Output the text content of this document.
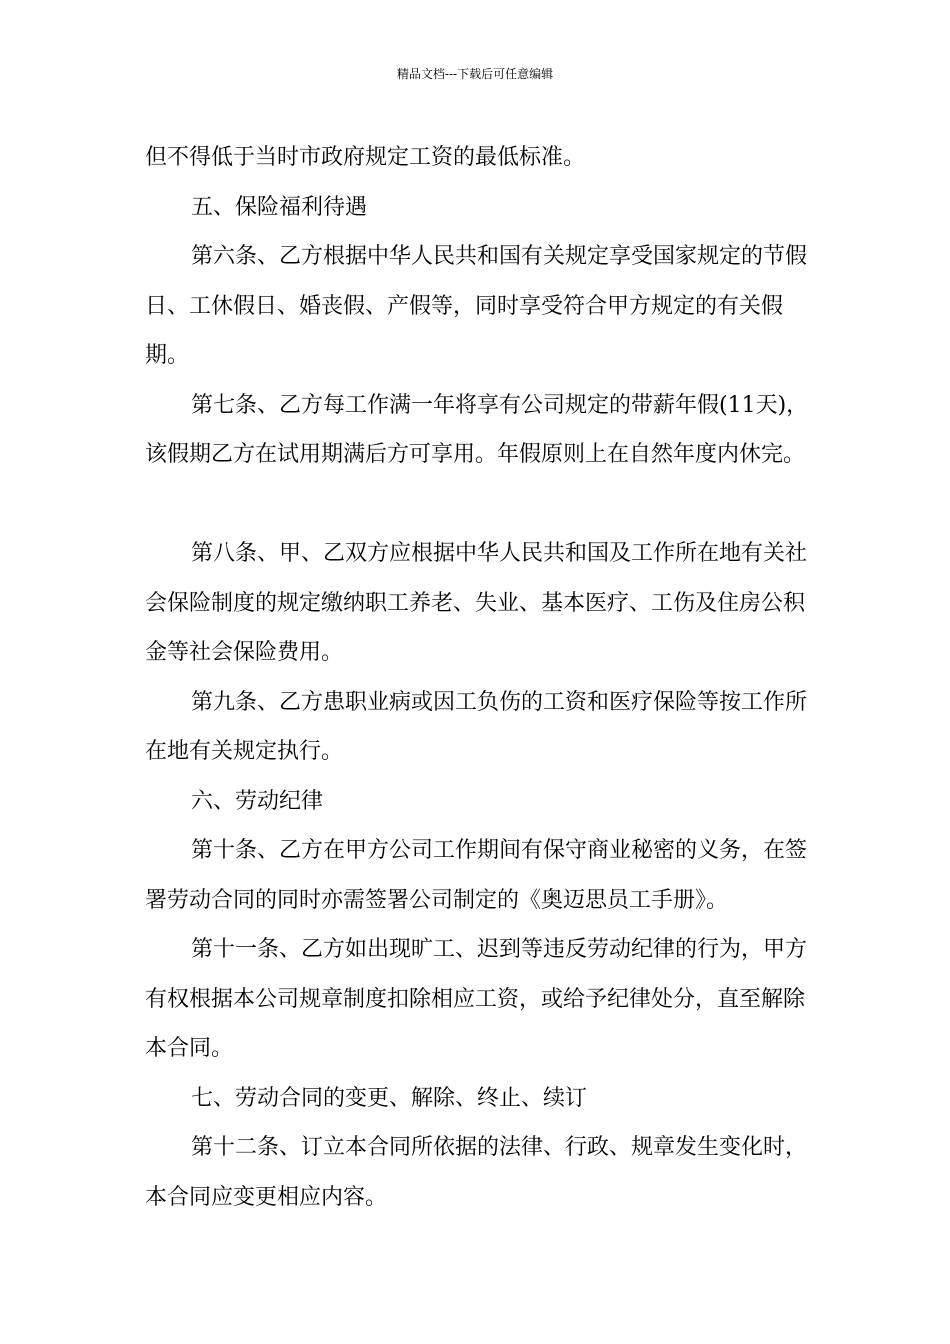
精品文档---下载后可任意编辑

但不得低于当时市政府规定工资的最低标准。

五、保险福利待遇

第六条、乙方根据中华人民共和国有关规定享受国家规定的节假日、工休假日、婚丧假、产假等，同时享受符合甲方规定的有关假期。

第七条、乙方每工作满一年将享有公司规定的带薪年假(11天)，该假期乙方在试用期满后方可享用。年假原则上在自然年度内休完。

第八条、甲、乙双方应根据中华人民共和国及工作所在地有关社会保险制度的规定缴纳职工养老、失业、基本医疗、工伤及住房公积金等社会保险费用。

第九条、乙方患职业病或因工负伤的工资和医疗保险等按工作所在地有关规定执行。

六、劳动纪律

第十条、乙方在甲方公司工作期间有保守商业秘密的义务，在签署劳动合同的同时亦需签署公司制定的《奥迈思员工手册》。

第十一条、乙方如出现旷工、迟到等违反劳动纪律的行为，甲方有权根据本公司规章制度扣除相应工资，或给予纪律处分，直至解除本合同。

七、劳动合同的变更、解除、终止、续订

第十二条、订立本合同所依据的法律、行政、规章发生变化时，本合同应变更相应内容。
